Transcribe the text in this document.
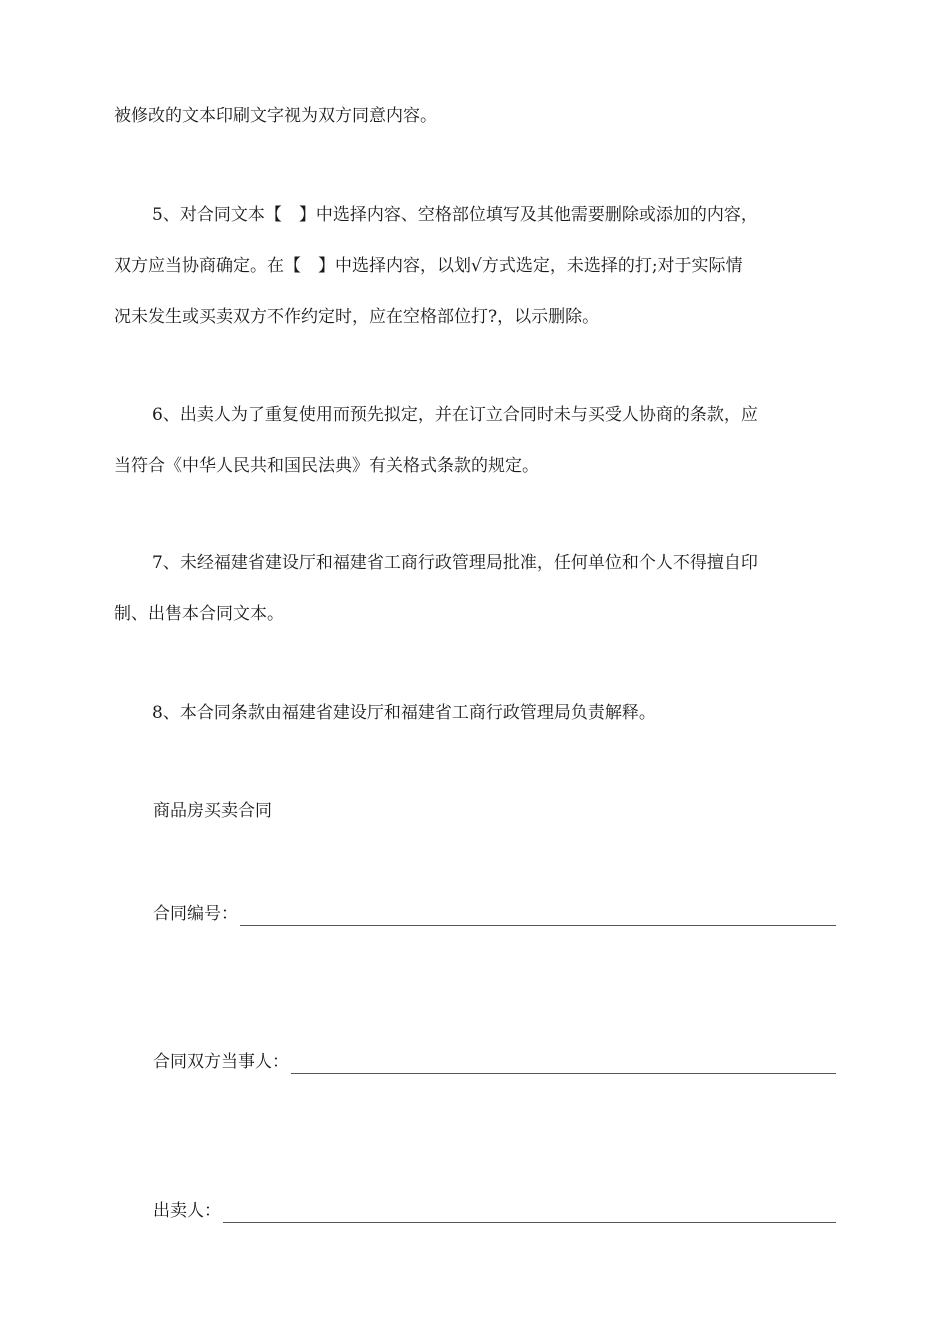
被修改的文本印刷文字视为双方同意内容。

5、对合同文本【　】中选择内容、空格部位填写及其他需要删除或添加的内容，
双方应当协商确定。在【　】中选择内容，以划√方式选定，未选择的打;对于实际情
况未发生或买卖双方不作约定时，应在空格部位打?，以示删除。

6、出卖人为了重复使用而预先拟定，并在订立合同时未与买受人协商的条款，应
当符合《中华人民共和国民法典》有关格式条款的规定。

7、未经福建省建设厅和福建省工商行政管理局批准，任何单位和个人不得擅自印
制、出售本合同文本。

8、本合同条款由福建省建设厅和福建省工商行政管理局负责解释。

商品房买卖合同

合同编号：
合同双方当事人：
出卖人：
